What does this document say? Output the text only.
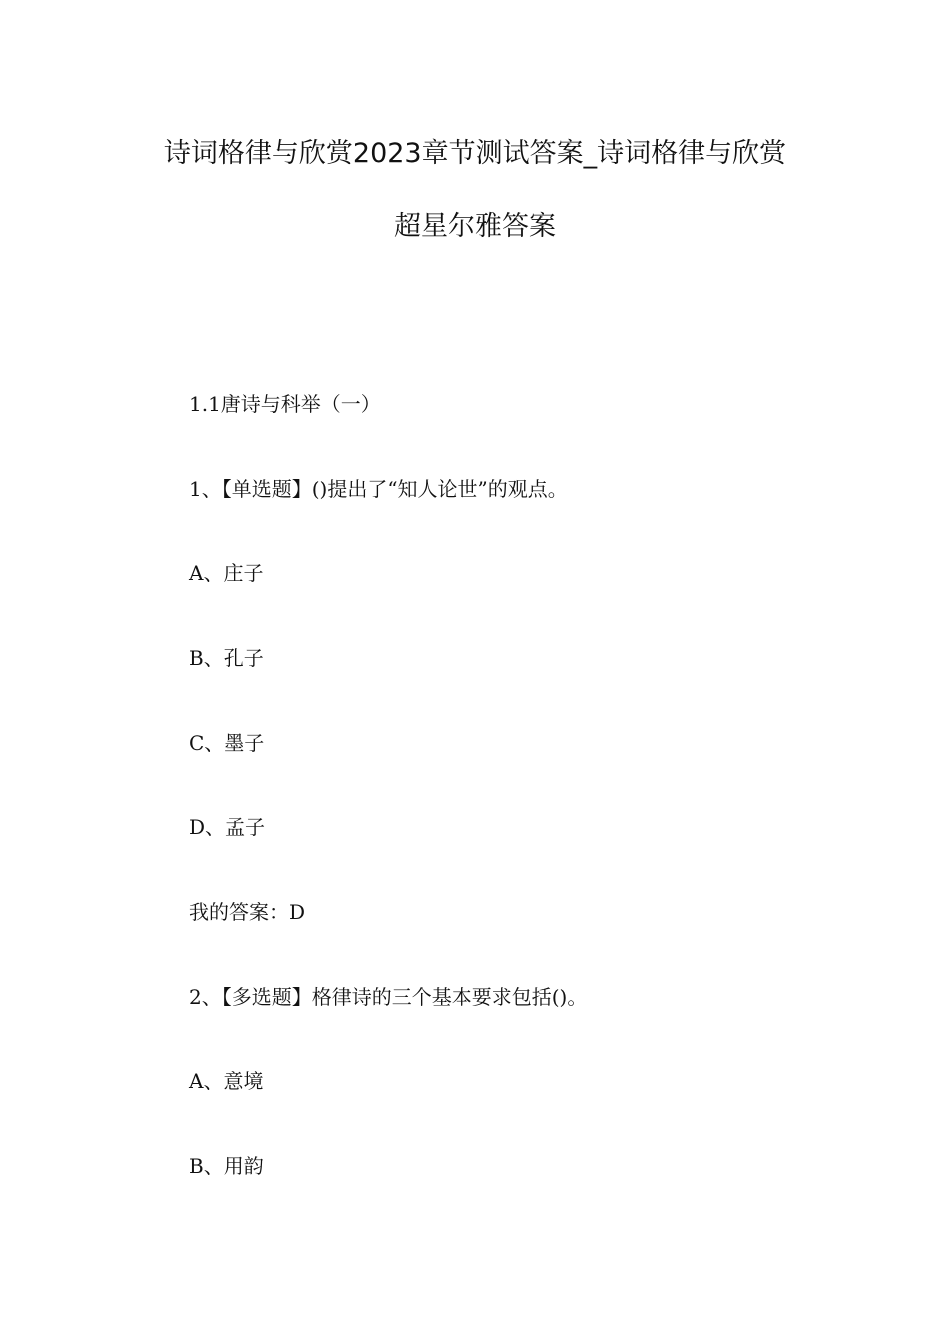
诗词格律与欣赏2023章节测试答案_诗词格律与欣赏
超星尔雅答案
1.1唐诗与科举（一）
1、【单选题】()提出了“知人论世”的观点。
A、庄子
B、孔子
C、墨子
D、孟子
我的答案：D
2、【多选题】格律诗的三个基本要求包括()。
A、意境
B、用韵
